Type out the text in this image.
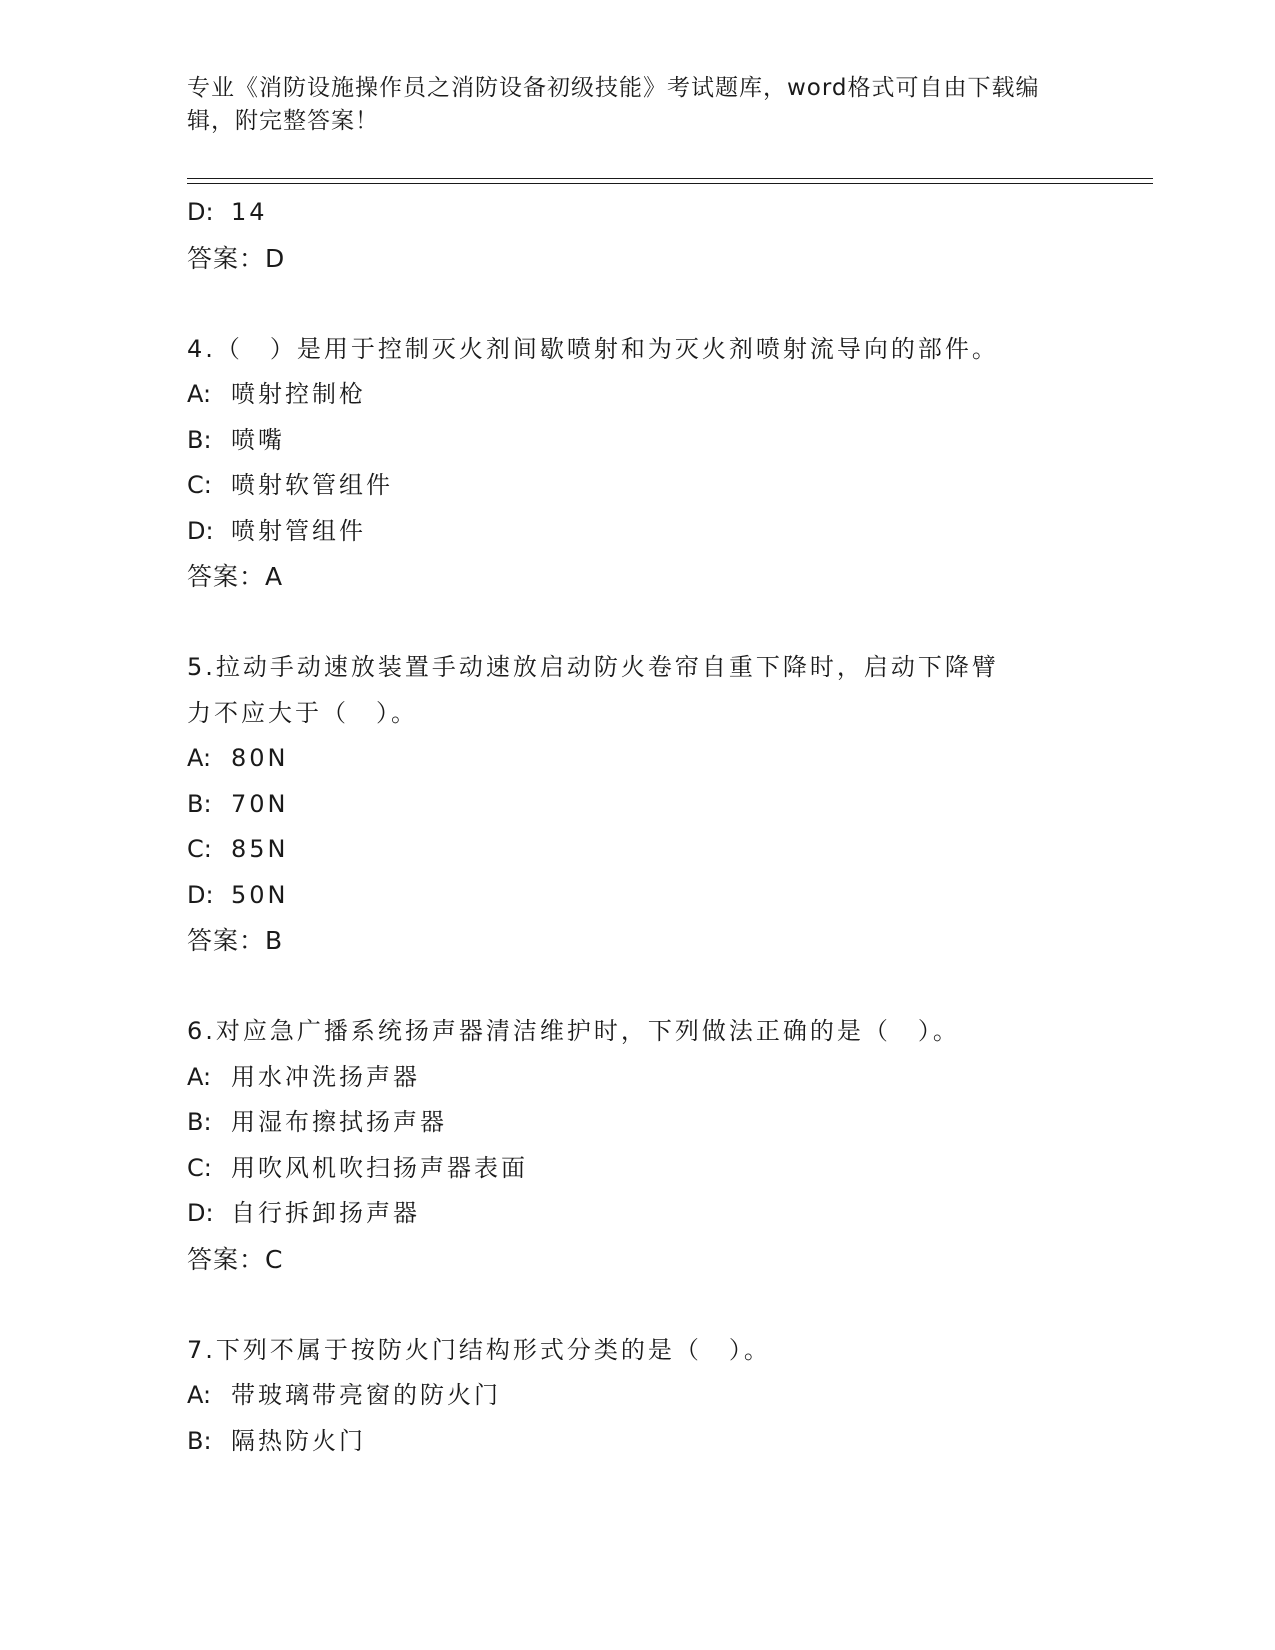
专业《消防设施操作员之消防设备初级技能》考试题库，word格式可自由下载编辑，附完整答案！
D: 14
答案：D
4.（　）是用于控制灭火剂间歇喷射和为灭火剂喷射流导向的部件。
A: 喷射控制枪
B: 喷嘴
C: 喷射软管组件
D: 喷射管组件
答案：A
5.拉动手动速放装置手动速放启动防火卷帘自重下降时，启动下降臂
力不应大于（　）。
A: 80N
B: 70N
C: 85N
D: 50N
答案：B
6.对应急广播系统扬声器清洁维护时，下列做法正确的是（　）。
A: 用水冲洗扬声器
B: 用湿布擦拭扬声器
C: 用吹风机吹扫扬声器表面
D: 自行拆卸扬声器
答案：C
7.下列不属于按防火门结构形式分类的是（　）。
A: 带玻璃带亮窗的防火门
B: 隔热防火门
